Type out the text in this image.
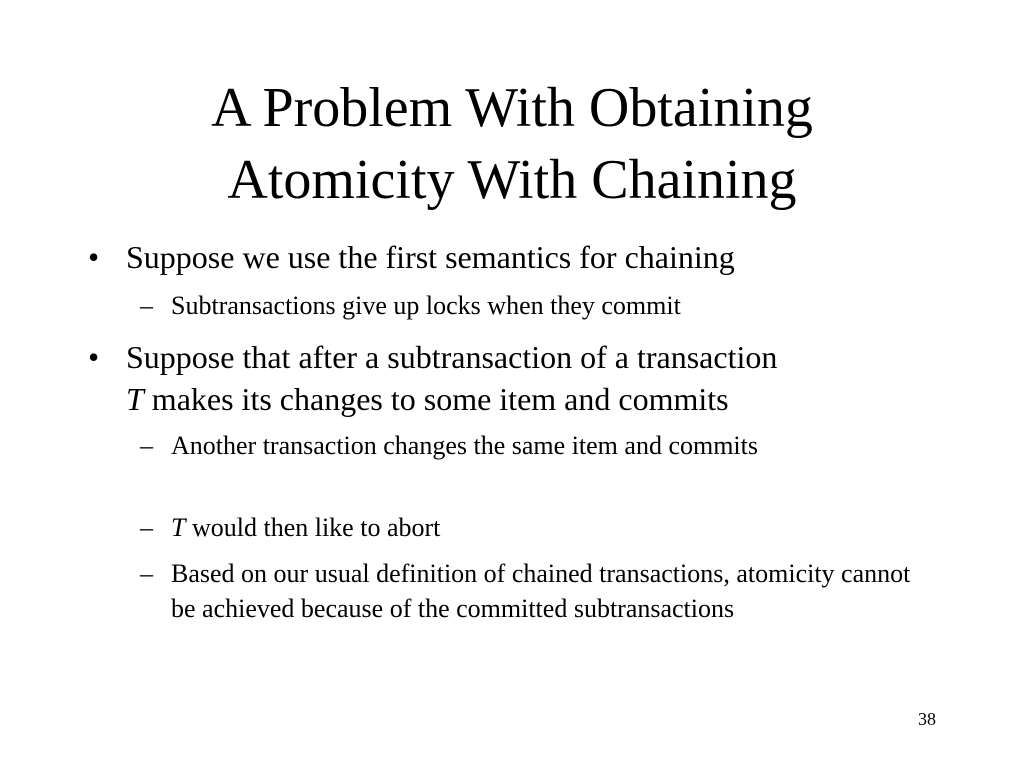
A Problem With Obtaining
Atomicity With Chaining
• Suppose we use the first semantics for chaining
– Subtransactions give up locks when they commit
• Suppose that after a subtransaction of a transaction
T makes its changes to some item and commits
– Another transaction changes the same item and commits
– T would then like to abort
– Based on our usual definition of chained transactions, atomicity cannot be achieved because of the committed subtransactions
38
